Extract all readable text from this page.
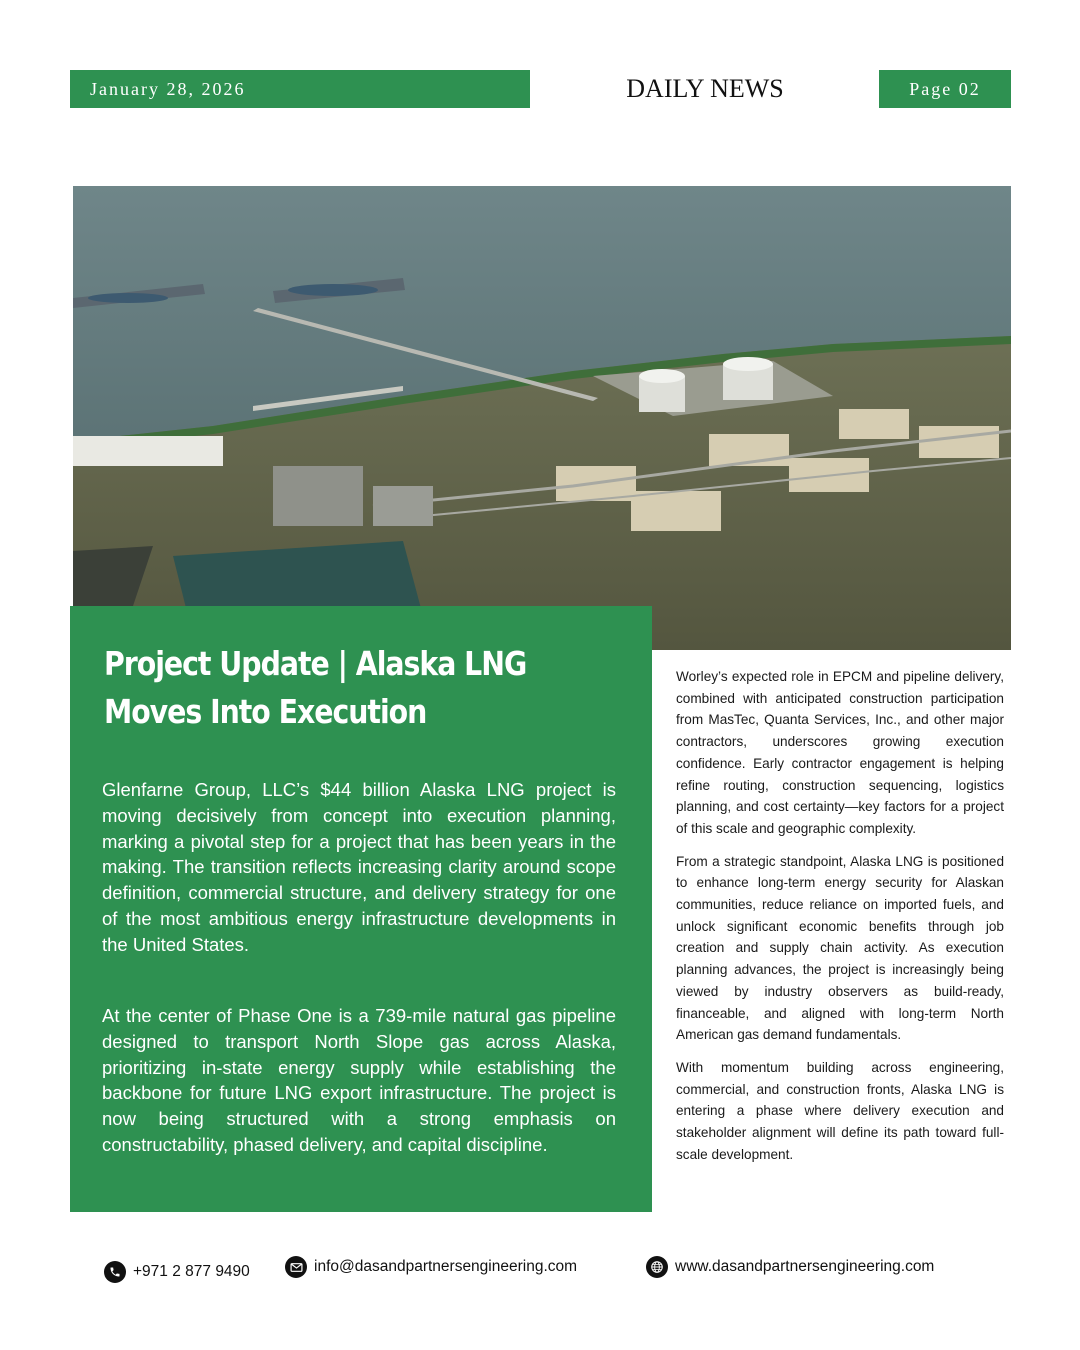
January 28, 2026	DAILY NEWS	Page 02
Project Update | Alaska LNG
Moves Into Execution

Glenfarne Group, LLC’s $44 billion Alaska LNG project is moving decisively from concept into execution planning, marking a pivotal step for a project that has been years in the making. The transition reflects increasing clarity around scope definition, commercial structure, and delivery strategy for one of the most ambitious energy infrastructure developments in the United States.

At the center of Phase One is a 739-mile natural gas pipeline designed to transport North Slope gas across Alaska, prioritizing in-state energy supply while establishing the backbone for future LNG export infrastructure. The project is now being structured with a strong emphasis on constructability, phased delivery, and capital discipline.

Worley’s expected role in EPCM and pipeline delivery, combined with anticipated construction participation from MasTec, Quanta Services, Inc., and other major contractors, underscores growing execution confidence. Early contractor engagement is helping refine routing, construction sequencing, logistics planning, and cost certainty—key factors for a project of this scale and geographic complexity.

From a strategic standpoint, Alaska LNG is positioned to enhance long-term energy security for Alaskan communities, reduce reliance on imported fuels, and unlock significant economic benefits through job creation and supply chain activity. As execution planning advances, the project is increasingly being viewed by industry observers as build-ready, financeable, and aligned with long-term North American gas demand fundamentals.

With momentum building across engineering, commercial, and construction fronts, Alaska LNG is entering a phase where delivery execution and stakeholder alignment will define its path toward full-scale development.

+971 2 877 9490	info@dasandpartnersengineering.com	www.dasandpartnersengineering.com
